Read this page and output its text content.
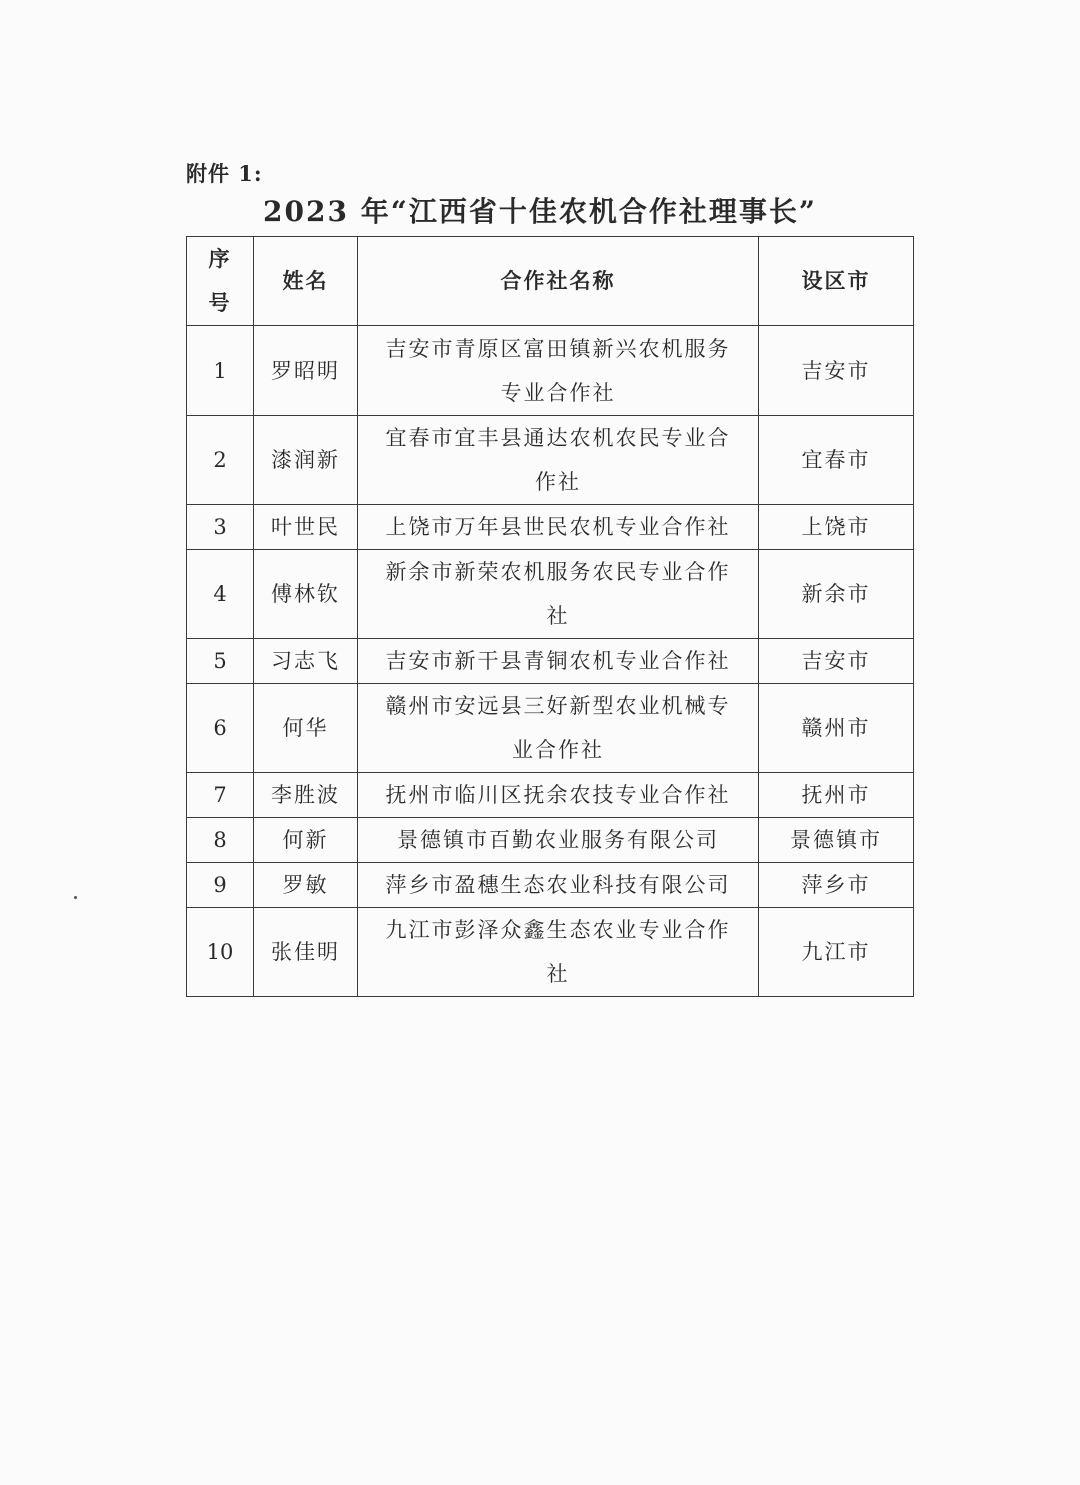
附件 1:
2023 年“江西省十佳农机合作社理事长”
序号	姓名	合作社名称	设区市
1	罗昭明	吉安市青原区富田镇新兴农机服务专业合作社	吉安市
2	漆润新	宜春市宜丰县通达农机农民专业合作社	宜春市
3	叶世民	上饶市万年县世民农机专业合作社	上饶市
4	傅林钦	新余市新荣农机服务农民专业合作社	新余市
5	习志飞	吉安市新干县青铜农机专业合作社	吉安市
6	何华	赣州市安远县三好新型农业机械专业合作社	赣州市
7	李胜波	抚州市临川区抚余农技专业合作社	抚州市
8	何新	景德镇市百勤农业服务有限公司	景德镇市
9	罗敏	萍乡市盈穗生态农业科技有限公司	萍乡市
10	张佳明	九江市彭泽众鑫生态农业专业合作社	九江市
